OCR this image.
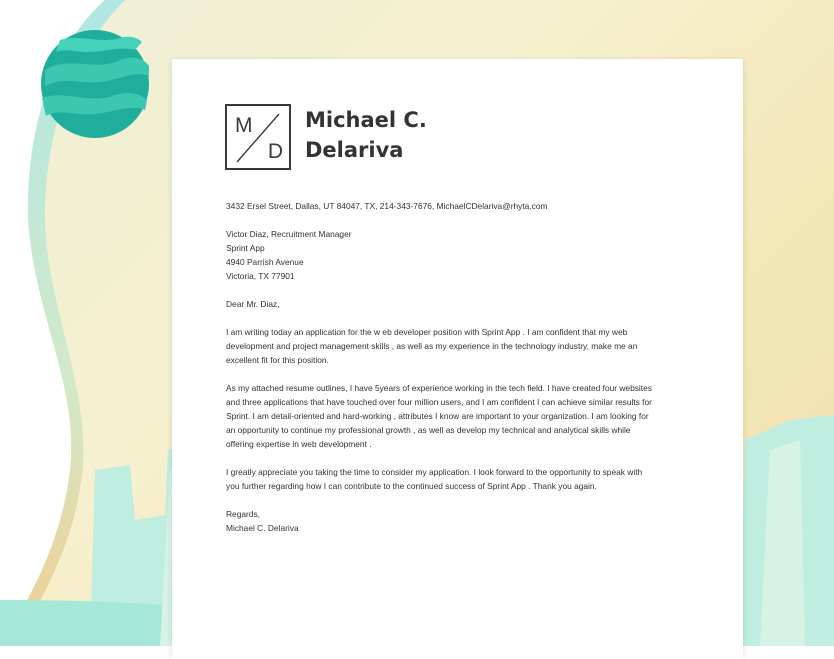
M
D
Michael C.
Delariva

3432 Ersel Street, Dallas, UT 84047, TX, 214-343-7676, MichaelCDelariva@rhyta.com

Victor Diaz, Recruitment Manager
Sprint App
4940 Parrish Avenue
Victoria, TX 77901

Dear Mr. Diaz,

I am writing today an application for the w eb developer position with Sprint App . I am confident that my web
development and project management skills , as well as my experience in the technology industry, make me an
excellent fit for this position.

As my attached resume outlines, I have 5years of experience working in the tech field. I have created four websites
and three applications that have touched over four million users, and I am confident I can achieve similar results for
Sprint. I am detail-oriented and hard-working , attributes I know are important to your organization. I am looking for
an opportunity to continue my professional growth , as well as develop my technical and analytical skills while
offering expertise in web development .

I greatly appreciate you taking the time to consider my application. I look forward to the opportunity to speak with
you further regarding how I can contribute to the continued success of Sprint App . Thank you again.

Regards,
Michael C. Delariva
